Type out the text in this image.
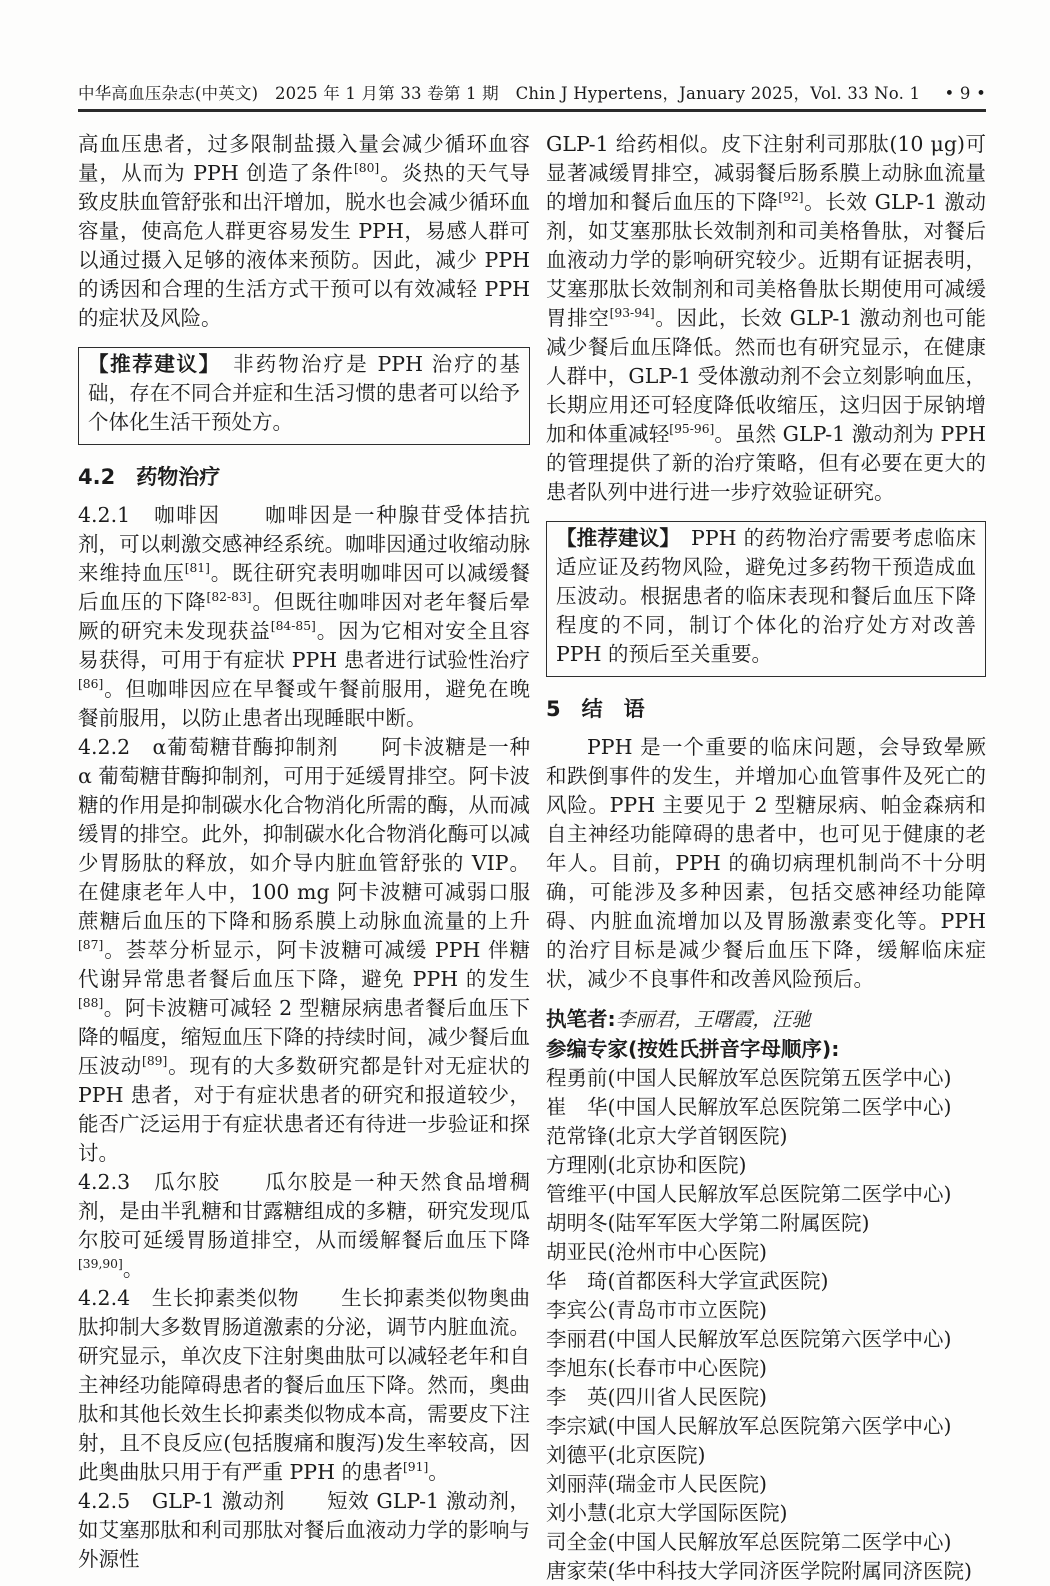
中华高血压杂志(中英文)　2025 年 1 月第 33 卷第 1 期　Chin J Hypertens，January 2025，Vol. 33 No. 1 • 9 •

高血压患者，过多限制盐摄入量会减少循环血容量，从而为 PPH 创造了条件[80]。炎热的天气导致皮肤血管舒张和出汗增加，脱水也会减少循环血容量，使高危人群更容易发生 PPH，易感人群可以通过摄入足够的液体来预防。因此，减少 PPH 的诱因和合理的生活方式干预可以有效减轻 PPH 的症状及风险。

【推荐建议】　非药物治疗是 PPH 治疗的基础，存在不同合并症和生活习惯的患者可以给予个体化生活干预处方。
4.2　药物治疗

4.2.1　咖啡因　　咖啡因是一种腺苷受体拮抗剂，可以刺激交感神经系统。咖啡因通过收缩动脉来维持血压[81]。既往研究表明咖啡因可以减缓餐后血压的下降[82-83]。但既往咖啡因对老年餐后晕厥的研究未发现获益[84-85]。因为它相对安全且容易获得，可用于有症状 PPH 患者进行试验性治疗[86]。但咖啡因应在早餐或午餐前服用，避免在晚餐前服用，以防止患者出现睡眠中断。

4.2.2　α葡萄糖苷酶抑制剂　　阿卡波糖是一种 α 葡萄糖苷酶抑制剂，可用于延缓胃排空。阿卡波糖的作用是抑制碳水化合物消化所需的酶，从而减缓胃的排空。此外，抑制碳水化合物消化酶可以减少胃肠肽的释放，如介导内脏血管舒张的 VIP。在健康老年人中，100 mg 阿卡波糖可减弱口服蔗糖后血压的下降和肠系膜上动脉血流量的上升[87]。荟萃分析显示，阿卡波糖可减缓 PPH 伴糖代谢异常患者餐后血压下降，避免 PPH 的发生[88]。阿卡波糖可减轻 2 型糖尿病患者餐后血压下降的幅度，缩短血压下降的持续时间，减少餐后血压波动[89]。现有的大多数研究都是针对无症状的 PPH 患者，对于有症状患者的研究和报道较少，能否广泛运用于有症状患者还有待进一步验证和探讨。

4.2.3　瓜尔胶　　瓜尔胶是一种天然食品增稠剂，是由半乳糖和甘露糖组成的多糖，研究发现瓜尔胶可延缓胃肠道排空，从而缓解餐后血压下降[39,90]。

4.2.4　生长抑素类似物　　生长抑素类似物奥曲肽抑制大多数胃肠道激素的分泌，调节内脏血流。研究显示，单次皮下注射奥曲肽可以减轻老年和自主神经功能障碍患者的餐后血压下降。然而，奥曲肽和其他长效生长抑素类似物成本高，需要皮下注射，且不良反应(包括腹痛和腹泻)发生率较高，因此奥曲肽只用于有严重 PPH 的患者[91]。

4.2.5　GLP-1 激动剂　　短效 GLP-1 激动剂，如艾塞那肽和利司那肽对餐后血液动力学的影响与外源性

GLP-1 给药相似。皮下注射利司那肽(10 μg)可显著减缓胃排空，减弱餐后肠系膜上动脉血流量的增加和餐后血压的下降[92]。长效 GLP-1 激动剂，如艾塞那肽长效制剂和司美格鲁肽，对餐后血液动力学的影响研究较少。近期有证据表明，艾塞那肽长效制剂和司美格鲁肽长期使用可减缓胃排空[93-94]。因此，长效 GLP-1 激动剂也可能减少餐后血压降低。然而也有研究显示，在健康人群中，GLP-1 受体激动剂不会立刻影响血压，长期应用还可轻度降低收缩压，这归因于尿钠增加和体重减轻[95-96]。虽然 GLP-1 激动剂为 PPH 的管理提供了新的治疗策略，但有必要在更大的患者队列中进行进一步疗效验证研究。

【推荐建议】　PPH 的药物治疗需要考虑临床适应证及药物风险，避免过多药物干预造成血压波动。根据患者的临床表现和餐后血压下降程度的不同，制订个体化的治疗处方对改善 PPH 的预后至关重要。
5　结　语

PPH 是一个重要的临床问题，会导致晕厥和跌倒事件的发生，并增加心血管事件及死亡的风险。PPH 主要见于 2 型糖尿病、帕金森病和自主神经功能障碍的患者中，也可见于健康的老年人。目前，PPH 的确切病理机制尚不十分明确，可能涉及多种因素，包括交感神经功能障碍、内脏血流增加以及胃肠激素变化等。PPH 的治疗目标是减少餐后血压下降，缓解临床症状，减少不良事件和改善风险预后。

执笔者:李丽君，王曙霞，汪驰
参编专家(按姓氏拼音字母顺序):
程勇前(中国人民解放军总医院第五医学中心)
崔　华(中国人民解放军总医院第二医学中心)
范常锋(北京大学首钢医院)
方理刚(北京协和医院)
管维平(中国人民解放军总医院第二医学中心)
胡明冬(陆军军医大学第二附属医院)
胡亚民(沧州市中心医院)
华　琦(首都医科大学宣武医院)
李宾公(青岛市市立医院)
李丽君(中国人民解放军总医院第六医学中心)
李旭东(长春市中心医院)
李　英(四川省人民医院)
李宗斌(中国人民解放军总医院第六医学中心)
刘德平(北京医院)
刘丽萍(瑞金市人民医院)
刘小慧(北京大学国际医院)
司全金(中国人民解放军总医院第二医学中心)
唐家荣(华中科技大学同济医学院附属同济医院)
